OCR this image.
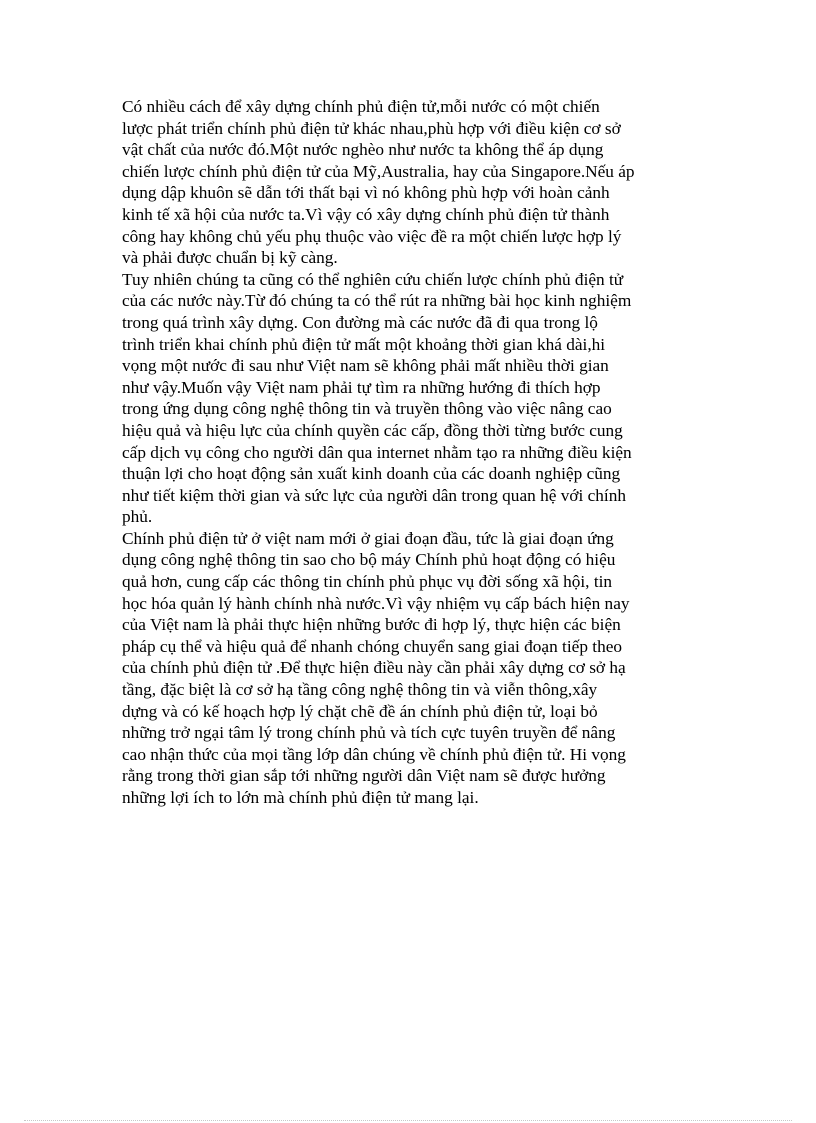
Có nhiều cách để xây dựng chính phủ điện tử,mỗi nước có một chiến
lược phát triển chính phủ điện tử khác nhau,phù hợp với điều kiện cơ sở
vật chất của nước đó.Một nước nghèo như nước ta không thể áp dụng
chiến lược chính phủ điện tử của Mỹ,Australia, hay của Singapore.Nếu áp
dụng dập khuôn sẽ dẫn tới thất bại vì nó không phù hợp với hoàn cảnh
kinh tế xã hội của nước ta.Vì vậy có xây dựng chính phủ điện tử thành
công hay không chủ yếu phụ thuộc vào việc đề ra một chiến lược hợp lý
và phải được chuẩn bị kỹ càng.

Tuy nhiên chúng ta cũng có thể nghiên cứu chiến lược chính phủ điện tử
của các nước này.Từ đó chúng ta có thể rút ra những bài học kinh nghiệm
trong quá trình xây dựng. Con đường mà các nước đã đi qua trong lộ
trình triển khai chính phủ điện tử mất một khoảng thời gian khá dài,hi
vọng một nước đi sau như Việt nam sẽ không phải mất nhiều thời gian
như vậy.Muốn vậy Việt nam phải tự tìm ra những hướng đi thích hợp
trong ứng dụng công nghệ thông tin và truyền thông vào việc nâng cao
hiệu quả và hiệu lực của chính quyền các cấp, đồng thời từng bước cung
cấp dịch vụ công cho người dân qua internet nhằm tạo ra những điều kiện
thuận lợi cho hoạt động sản xuất kinh doanh của các doanh nghiệp cũng
như tiết kiệm thời gian và sức lực của người dân trong quan hệ với chính
phủ.

Chính phủ điện tử ở việt nam mới ở giai đoạn đầu, tức là giai đoạn ứng
dụng công nghệ thông tin sao cho bộ máy Chính phủ hoạt động có hiệu
quả hơn, cung cấp các thông tin chính phủ phục vụ đời sống xã hội, tin
học hóa quản lý hành chính nhà nước.Vì vậy nhiệm vụ cấp bách hiện nay
của Việt nam là phải thực hiện những bước đi hợp lý, thực hiện các biện
pháp cụ thể và hiệu quả để nhanh chóng chuyển sang giai đoạn tiếp theo
của chính phủ điện tử .Để thực hiện điều này cần phải xây dựng cơ sở hạ
tầng, đặc biệt là cơ sở hạ tầng công nghệ thông tin và viễn thông,xây
dựng và có kế hoạch hợp lý chặt chẽ đề án chính phủ điện tử, loại bỏ
những trở ngại tâm lý trong chính phủ và tích cực tuyên truyền để nâng
cao nhận thức của mọi tầng lớp dân chúng về chính phủ điện tử. Hi vọng
rằng trong thời gian sắp tới những người dân Việt nam sẽ được hưởng
những lợi ích to lớn mà chính phủ điện tử mang lại.
